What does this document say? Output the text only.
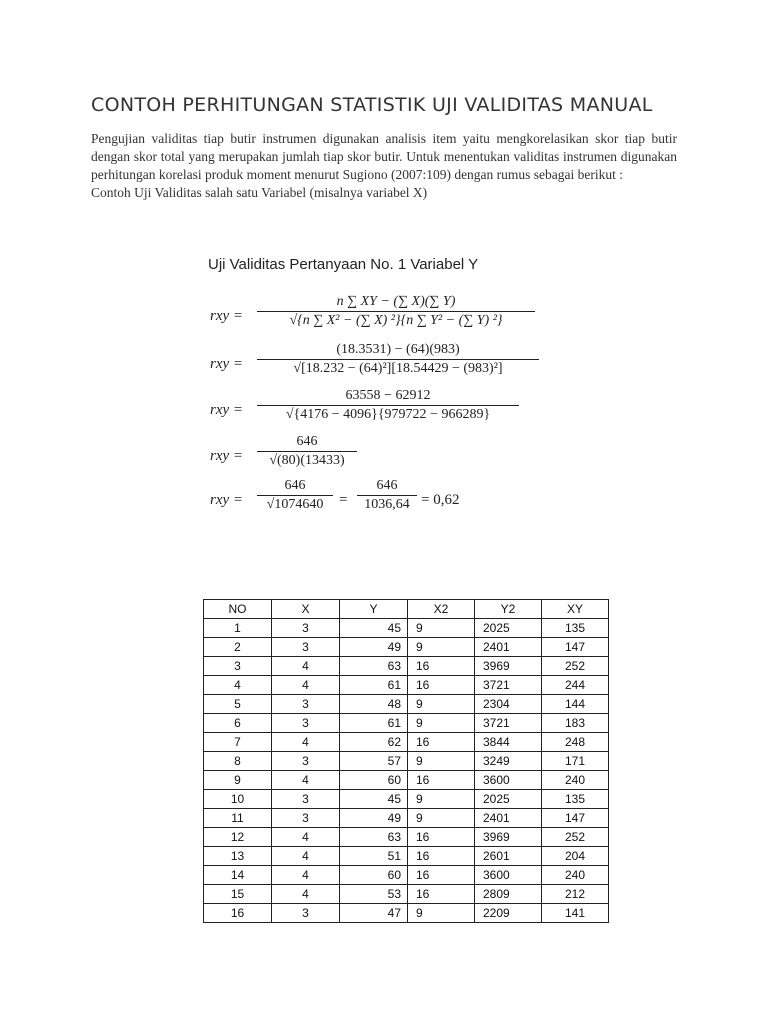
CONTOH PERHITUNGAN STATISTIK UJI VALIDITAS MANUAL
Pengujian validitas tiap butir instrumen digunakan analisis item yaitu mengkorelasikan skor tiap butir dengan skor total yang merupakan jumlah tiap skor butir. Untuk menentukan validitas instrumen digunakan perhitungan korelasi produk moment menurut Sugiono (2007:109) dengan rumus sebagai berikut :
Contoh Uji Validitas salah satu Variabel (misalnya variabel X)
Uji Validitas Pertanyaan No. 1 Variabel Y
rxy =
n ∑ XY − (∑ X)(∑ Y)
√{n ∑ X² − (∑ X) ²}{n ∑ Y² − (∑ Y) ²}
rxy =
(18.3531) − (64)(983)
√[18.232 − (64)²][18.54429 − (983)²]
rxy =
63558 − 62912
√{4176 − 4096}{979722 − 966289}
rxy =
646
√(80)(13433)
rxy =
646
√1074640	=
646
1036,64 = 0,62
NO	X	Y	X2	Y2	XY
1	3	45	9	2025	135
2	3	49	9	2401	147
3	4	63	16	3969	252
4	4	61	16	3721	244
5	3	48	9	2304	144
6	3	61	9	3721	183
7	4	62	16	3844	248
8	3	57	9	3249	171
9	4	60	16	3600	240
10	3	45	9	2025	135
11	3	49	9	2401	147
12	4	63	16	3969	252
13	4	51	16	2601	204
14	4	60	16	3600	240
15	4	53	16	2809	212
16	3	47	9	2209	141
